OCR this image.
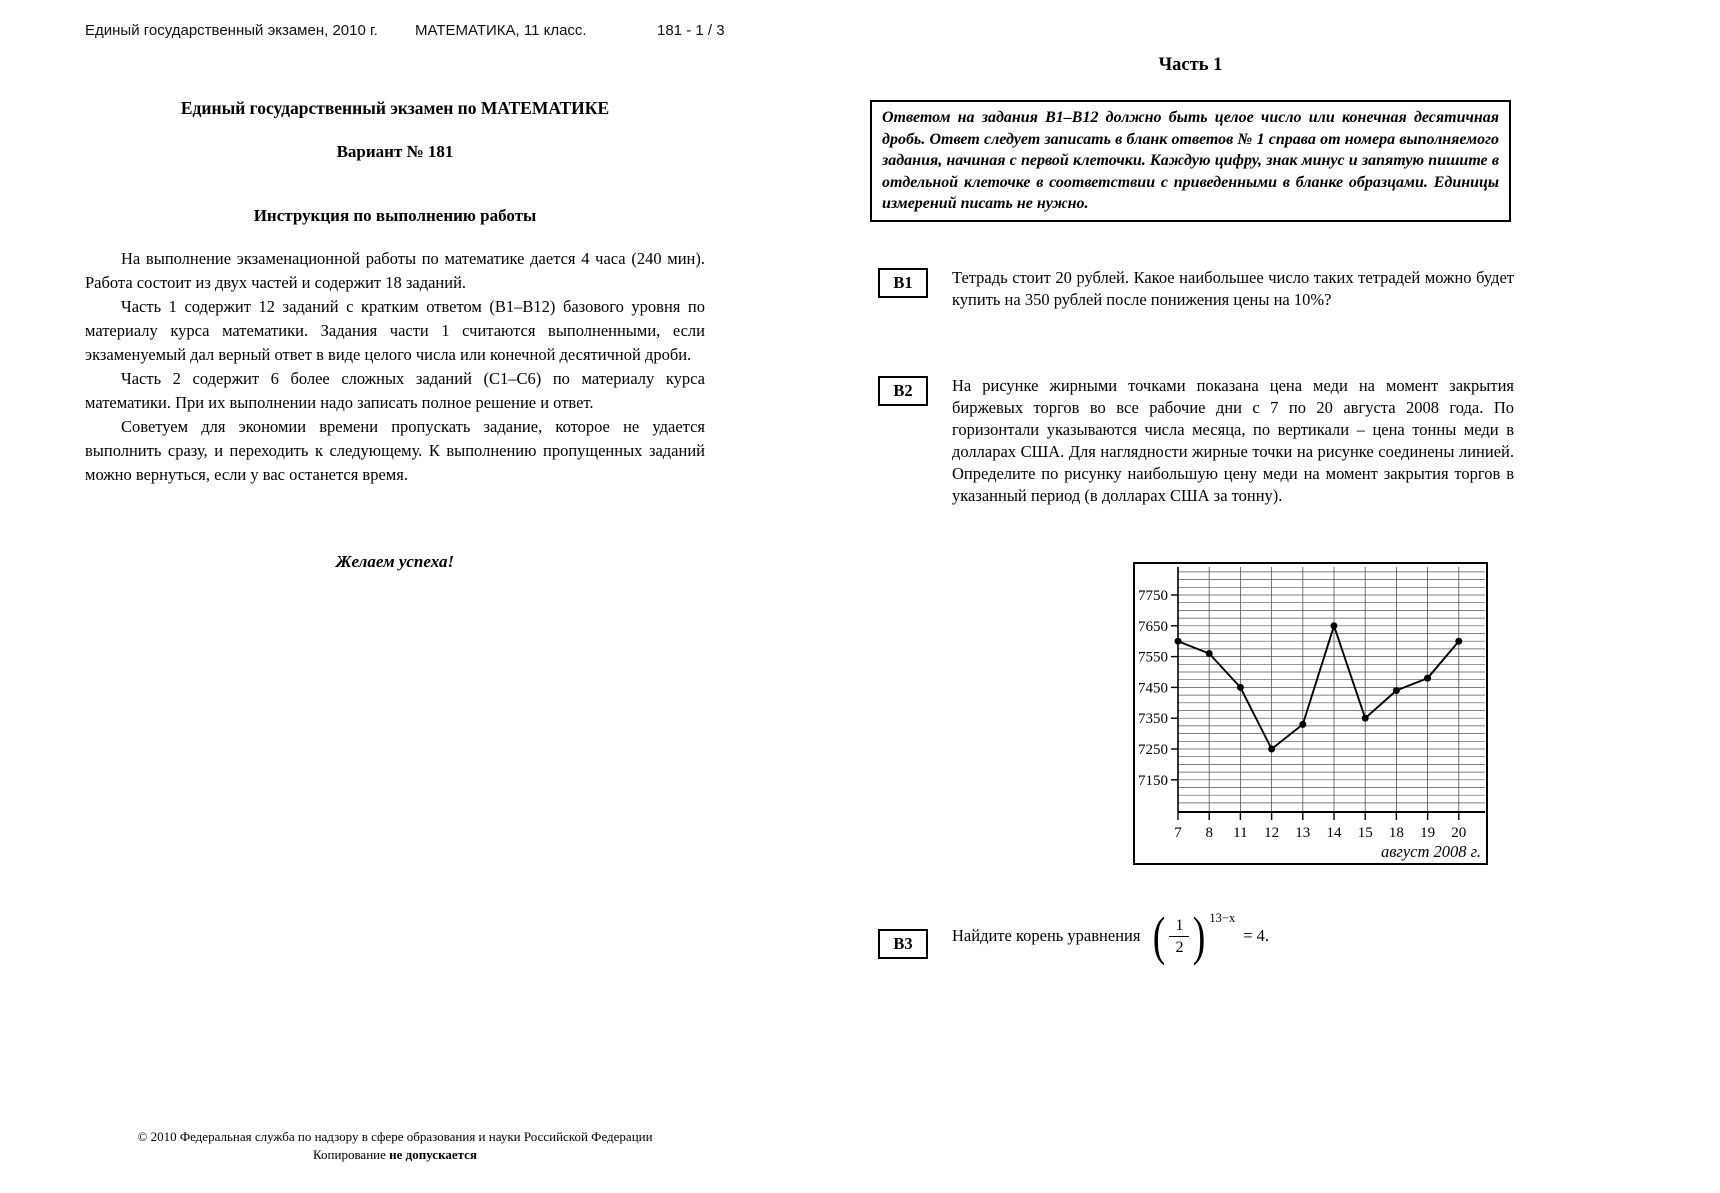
Единый государственный экзамен, 2010 г. МАТЕМАТИКА, 11 класс.	181 - 1 / 3
Единый государственный экзамен по МАТЕМАТИКЕ
Вариант № 181
Инструкция по выполнению работы

На выполнение экзаменационной работы по математике дается 4 часа (240 мин). Работа состоит из двух частей и содержит 18 заданий.

Часть 1 содержит 12 заданий с кратким ответом (В1–В12) базового уровня по материалу курса математики. Задания части 1 считаются выполненными, если экзаменуемый дал верный ответ в виде целого числа или конечной десятичной дроби.

Часть 2 содержит 6 более сложных заданий (С1–С6) по материалу курса математики. При их выполнении надо записать полное решение и ответ.

Советуем для экономии времени пропускать задание, которое не удается выполнить сразу, и переходить к следующему. К выполнению пропущенных заданий можно вернуться, если у вас останется время.

Желаем успеха!
Часть 1
Ответом на задания В1–В12 должно быть целое число или конечная десятичная дробь. Ответ следует записать в бланк ответов № 1 справа от номера выполняемого задания, начиная с первой клеточки. Каждую цифру, знак минус и запятую пишите в отдельной клеточке в соответствии с приведенными в бланке образцами. Единицы измерений писать не нужно.
В1	Тетрадь стоит 20 рублей. Какое наибольшее число таких тетрадей можно будет купить на 350 рублей после понижения цены на 10%?
В2	На рисунке жирными точками показана цена меди на момент закрытия биржевых торгов во все рабочие дни с 7 по 20 августа 2008 года. По горизонтали указываются числа месяца, по вертикали – цена тонны меди в долларах США. Для наглядности жирные точки на рисунке соединены линией. Определите по рисунку наибольшую цену меди на момент закрытия торгов в указанный период (в долларах США за тонну).
7 8 11 12 13 14 15 18 19 20
7750
7650
7550
7450
7350
7250
7150
август 2008 г.
В3	Найдите корень уравнения ( $\frac{1}{2}$ ) 13−x
= 4.
© 2010 Федеральная служба по надзору в сфере образования и науки Российской Федерации
Копирование не допускается
